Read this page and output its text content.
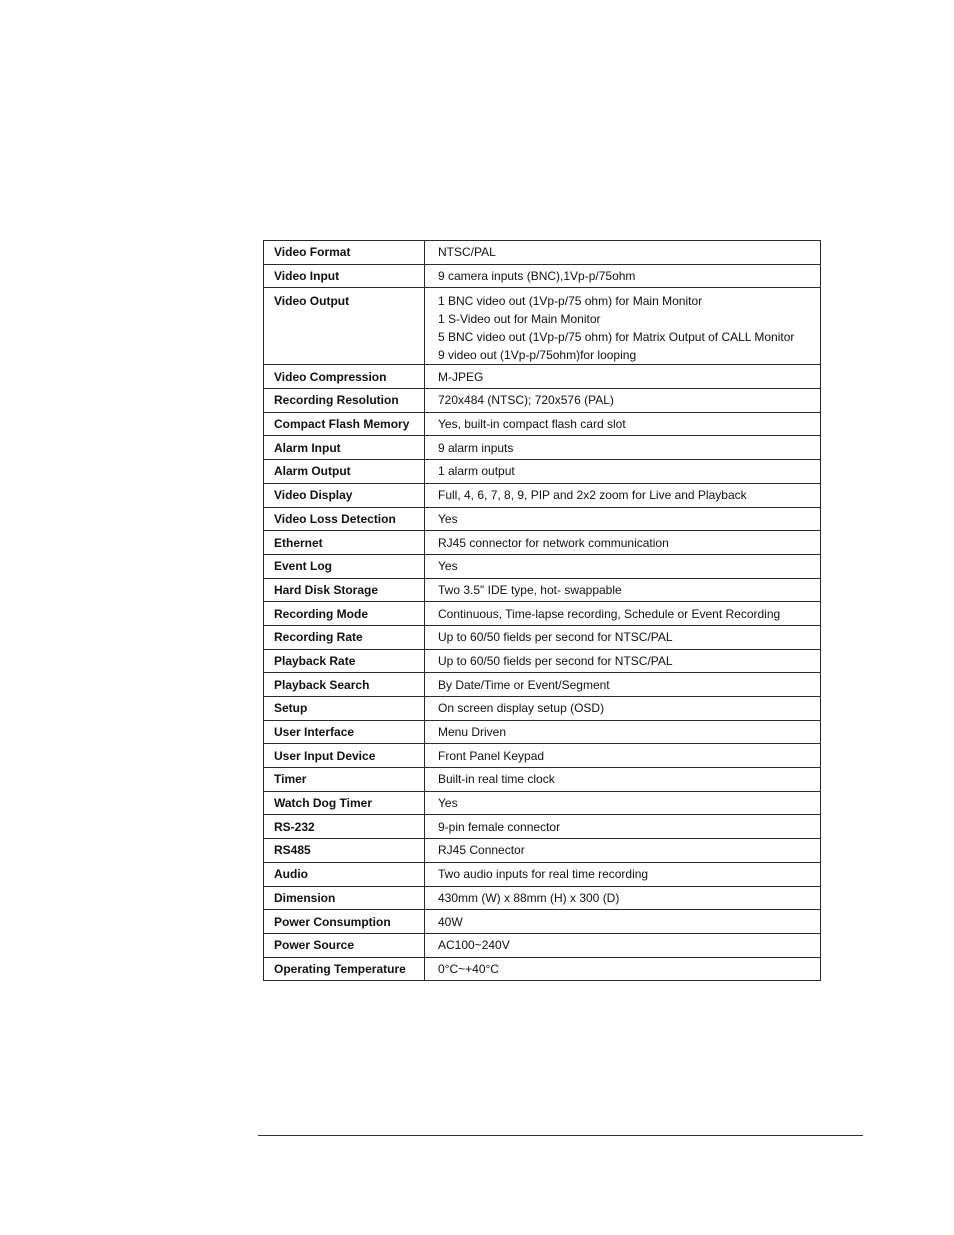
Video Format	NTSC/PAL
Video Input	9 camera inputs (BNC),1Vp-p/75ohm
Video Output	1 BNC video out (1Vp-p/75 ohm) for Main Monitor
1 S-Video out for Main Monitor
5 BNC video out (1Vp-p/75 ohm) for Matrix Output of CALL Monitor
9 video out (1Vp-p/75ohm)for looping

Video Compression	M-JPEG
Recording Resolution	720x484 (NTSC); 720x576 (PAL)
Compact Flash Memory	Yes, built-in compact flash card slot
Alarm Input	9 alarm inputs
Alarm Output	1 alarm output
Video Display	Full, 4, 6, 7, 8, 9, PIP and 2x2 zoom for Live and Playback
Video Loss Detection	Yes
Ethernet	RJ45 connector for network communication
Event Log	Yes
Hard Disk Storage	Two 3.5" IDE type, hot- swappable
Recording Mode	Continuous, Time-lapse recording, Schedule or Event Recording
Recording Rate	Up to 60/50 fields per second for NTSC/PAL
Playback Rate	Up to 60/50 fields per second for NTSC/PAL
Playback Search	By Date/Time or Event/Segment
Setup	On screen display setup (OSD)
User Interface	Menu Driven
User Input Device	Front Panel Keypad
Timer	Built-in real time clock
Watch Dog Timer	Yes
RS-232	9-pin female connector
RS485	RJ45 Connector
Audio	Two audio inputs for real time recording
Dimension	430mm (W) x 88mm (H) x 300 (D)
Power Consumption	40W
Power Source	AC100~240V
Operating Temperature	0°C~+40°C
